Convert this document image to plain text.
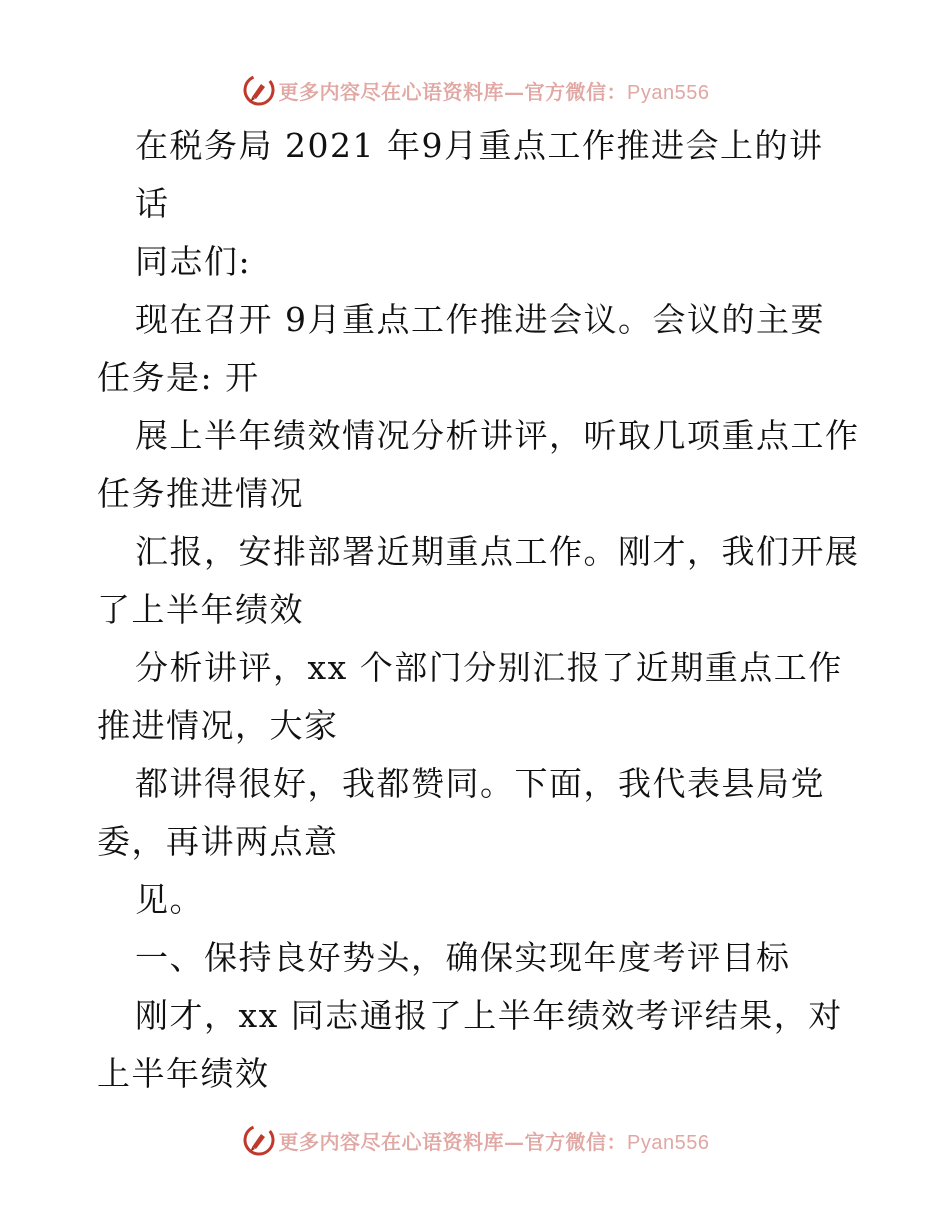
更多内容尽在心语资料库—官方微信：Pyan556
在税务局 2021 年9月重点工作推进会上的讲
话
同志们:
现在召开 9月重点工作推进会议。会议的主要
任务是: 开
展上半年绩效情况分析讲评，听取几项重点工作
任务推进情况
汇报，安排部署近期重点工作。刚才，我们开展
了上半年绩效
分析讲评，xx 个部门分别汇报了近期重点工作
推进情况，大家
都讲得很好，我都赞同。下面，我代表县局党
委，再讲两点意
见。
一、保持良好势头，确保实现年度考评目标
刚才，xx 同志通报了上半年绩效考评结果，对
上半年绩效
更多内容尽在心语资料库—官方微信：Pyan556
